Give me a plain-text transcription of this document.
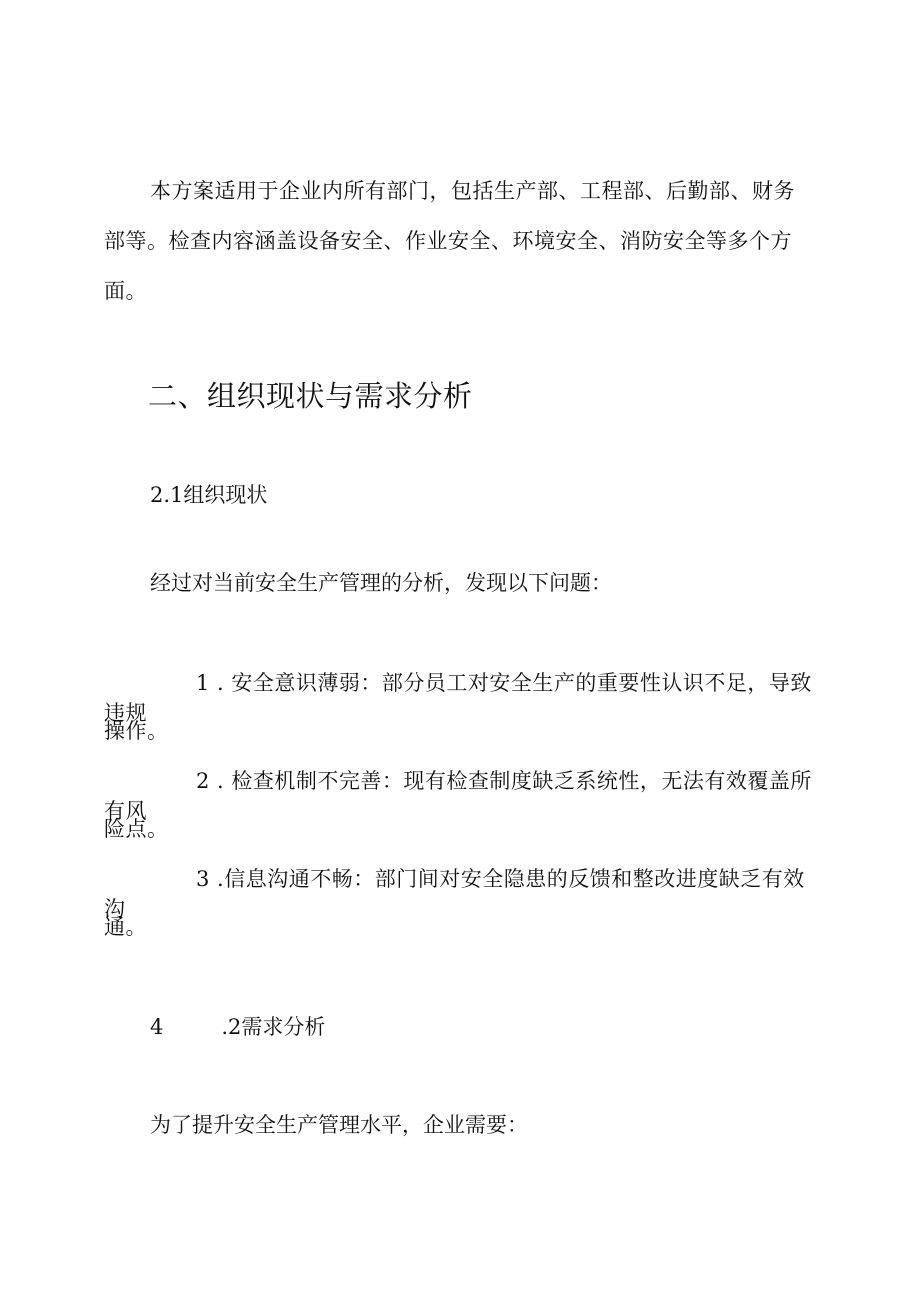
本方案适用于企业内所有部门，包括生产部、工程部、后勤部、财务

部等。检查内容涵盖设备安全、作业安全、环境安全、消防安全等多个方

面。

二、组织现状与需求分析

2.1组织现状

经过对当前安全生产管理的分析，发现以下问题：

1 . 安全意识薄弱：部分员工对安全生产的重要性认识不足，导致违规

操作。

2 . 检查机制不完善：现有检查制度缺乏系统性，无法有效覆盖所有风

险点。

3 .信息沟通不畅：部门间对安全隐患的反馈和整改进度缺乏有效沟

通。

4	.2需求分析

为了提升安全生产管理水平，企业需要：
